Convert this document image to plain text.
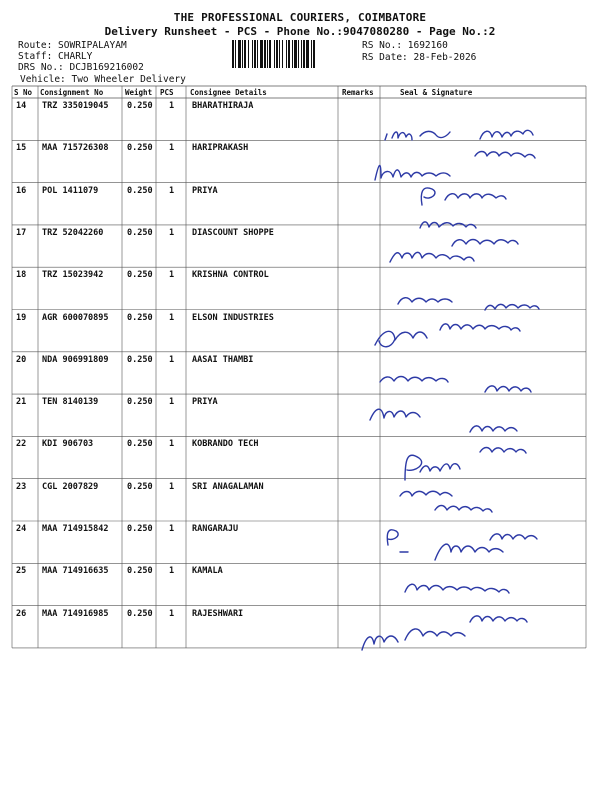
THE PROFESSIONAL COURIERS, COIMBATORE
Delivery Runsheet - PCS - Phone No.:9047080280 - Page No.:2
Route: SOWRIPALAYAM
Staff: CHARLY
DRS No.: DCJB169216002
Vehicle: Two Wheeler Delivery
RS No.: 1692160
RS Date: 28-Feb-2026
S No Consignment No	Weight PCS Consignee Details	Remarks	Seal & Signature
14 TRZ 335019045 0.250 1 BHARATHIRAJA
15 MAA 715726308 0.250 1 HARIPRAKASH
16 POL 1411079	0.250 1 PRIYA
17 TRZ 52042260	0.250 1 DIASCOUNT SHOPPE
18 TRZ 15023942	0.250 1 KRISHNA CONTROL
19 AGR 600070895 0.250 1 ELSON INDUSTRIES
20 NDA 906991809 0.250 1 AASAI THAMBI
21 TEN 8140139	0.250 1 PRIYA
22 KDI 906703	0.250 1 KOBRANDO TECH
23 CGL 2007829	0.250 1 SRI ANAGALAMAN
24 MAA 714915842 0.250 1 RANGARAJU
25 MAA 714916635 0.250 1 KAMALA
26 MAA 714916985 0.250 1 RAJESHWARI
